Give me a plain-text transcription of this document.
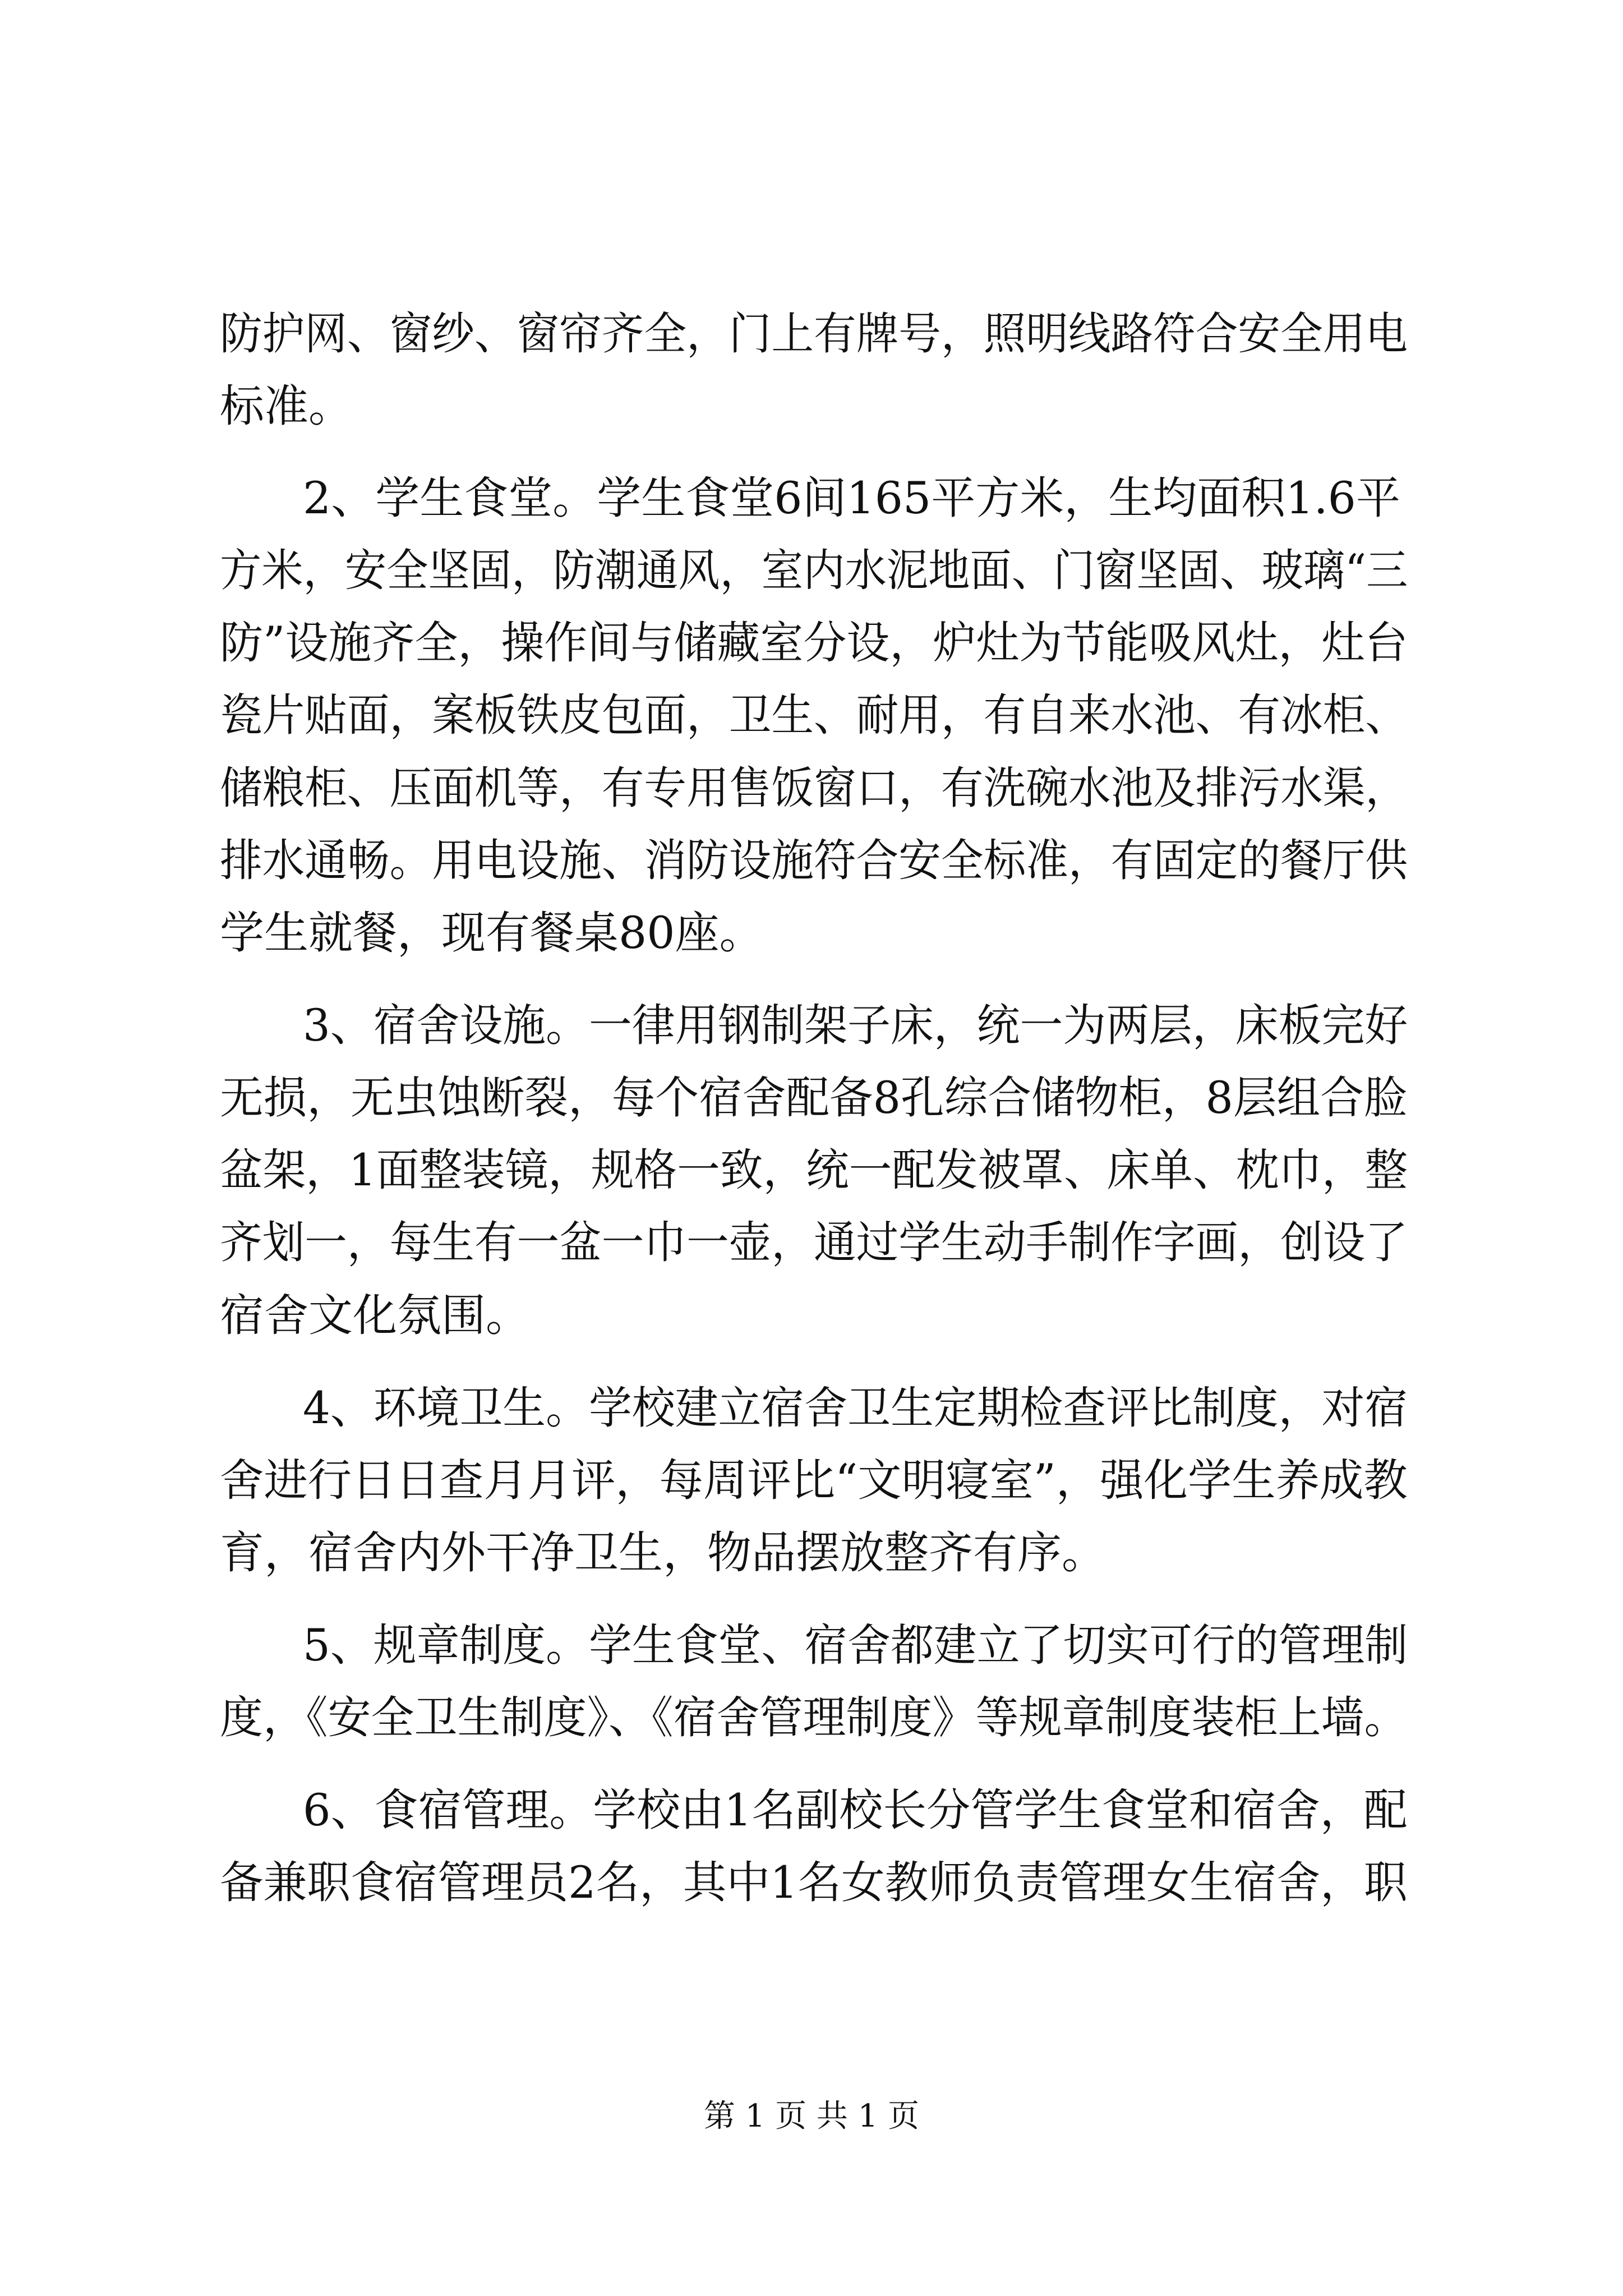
防护网、窗纱、窗帘齐全，门上有牌号，照明线路符合安全用电
标准。
2、学生食堂。学生食堂6间165平方米，生均面积1.6平
方米，安全坚固，防潮通风，室内水泥地面、门窗坚固、玻璃“三
防”设施齐全，操作间与储藏室分设，炉灶为节能吸风灶，灶台
瓷片贴面，案板铁皮包面，卫生、耐用，有自来水池、有冰柜、
储粮柜、压面机等，有专用售饭窗口，有洗碗水池及排污水渠，
排水通畅。用电设施、消防设施符合安全标准，有固定的餐厅供
学生就餐，现有餐桌80座。
3、宿舍设施。一律用钢制架子床，统一为两层，床板完好
无损，无虫蚀断裂，每个宿舍配备8孔综合储物柜，8层组合脸
盆架，1面整装镜，规格一致，统一配发被罩、床单、枕巾，整
齐划一，每生有一盆一巾一壶，通过学生动手制作字画，创设了
宿舍文化氛围。
4、环境卫生。学校建立宿舍卫生定期检查评比制度，对宿
舍进行日日查月月评，每周评比“文明寝室”，强化学生养成教
育，宿舍内外干净卫生，物品摆放整齐有序。
5、规章制度。学生食堂、宿舍都建立了切实可行的管理制
度，《安全卫生制度》、《宿舍管理制度》等规章制度装柜上墙。
6、食宿管理。学校由1名副校长分管学生食堂和宿舍，配
备兼职食宿管理员2名，其中1名女教师负责管理女生宿舍，职
第 1 页 共 1 页
